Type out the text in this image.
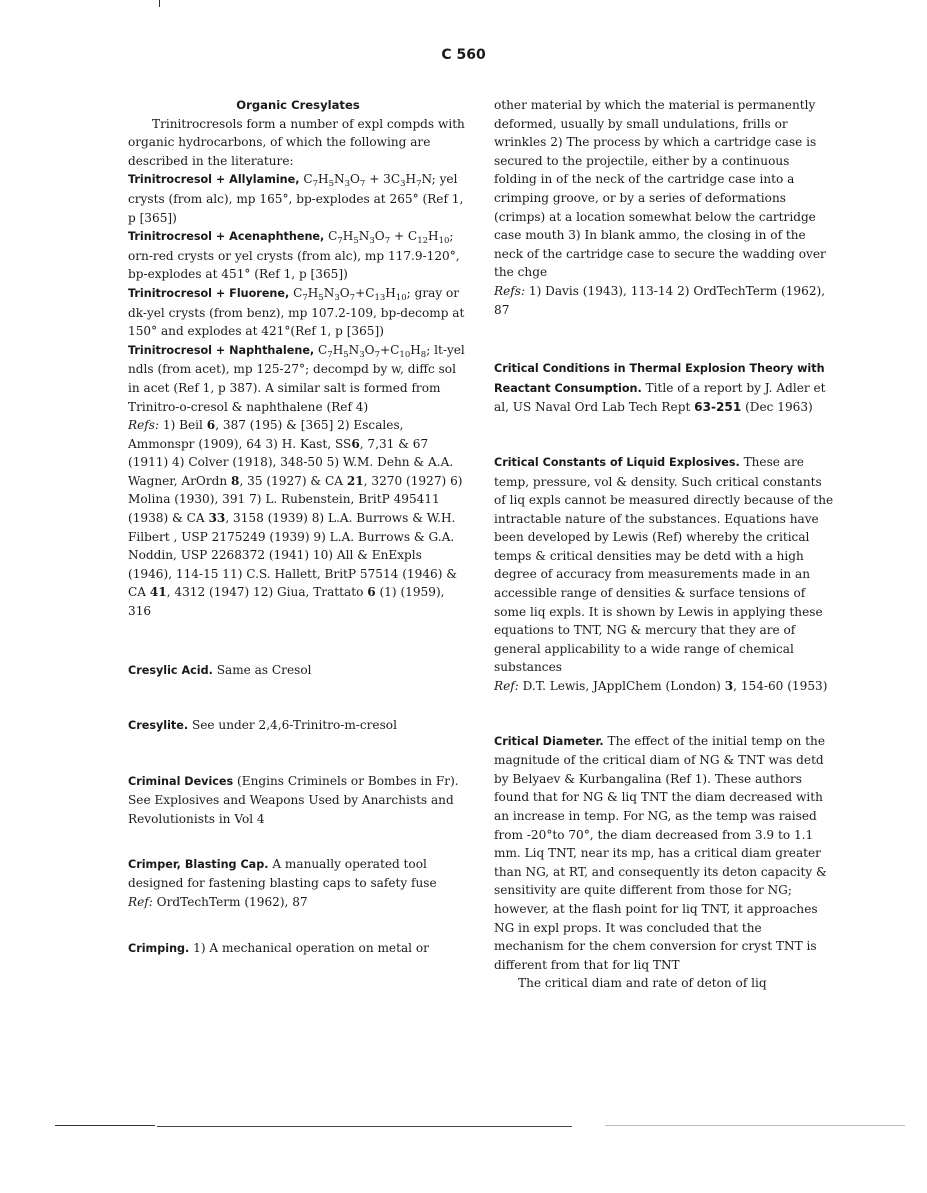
C 560
Organic Cresylates

Trinitrocresols form a number of expl compds with organic hydrocarbons, of which the following are described in the literature:

Trinitrocresol + Allylamine, $C_7H_5N_3O_7 + 3C_3H_7N$; yel crysts (from alc), mp 165°, bp-explodes at 265° (Ref 1, p [365])

Trinitrocresol + Acenaphthene, $C_7H_5N_3O_7 + C_{12}H_{10}$; orn-red crysts or yel crysts (from alc), mp 117.9-120°, bp-explodes at 451° (Ref 1, p [365])

Trinitrocresol + Fluorene, $C_7H_5N_3O_7+C_{13}H_{10}$; gray or dk-yel crysts (from benz), mp 107.2-109, bp-decomp at 150° and explodes at 421°(Ref 1, p [365])

Trinitrocresol + Naphthalene, $C_7H_5N_3O_7+C_{10}H_8$; lt-yel ndls (from acet), mp 125-27°; decompd by w, diffc sol in acet (Ref 1, p 387). A similar salt is formed from Trinitro-o-cresol & naphthalene (Ref 4)

Refs: 1) Beil 6, 387 (195) & [365] 2) Escales, Ammonspr (1909), 64 3) H. Kast, SS6, 7,31 & 67 (1911) 4) Colver (1918), 348-50 5) W.M. Dehn & A.A. Wagner, ArOrdn 8, 35 (1927) & CA 21, 3270 (1927) 6) Molina (1930), 391 7) L. Rubenstein, BritP 495411 (1938) & CA 33, 3158 (1939) 8) L.A. Burrows & W.H. Filbert , USP 2175249 (1939) 9) L.A. Burrows & G.A. Noddin, USP 2268372 (1941) 10) All & EnExpls (1946), 114-15 11) C.S. Hallett, BritP 57514 (1946) & CA 41, 4312 (1947) 12) Giua, Trattato 6 (1) (1959), 316

Cresylic Acid. Same as Cresol

Cresylite. See under 2,4,6-Trinitro-m-cresol

Criminal Devices (Engins Criminels or Bombes in Fr). See Explosives and Weapons Used by Anarchists and Revolutionists in Vol 4

Crimper, Blasting Cap. A manually operated tool designed for fastening blasting caps to safety fuse

Ref: OrdTechTerm (1962), 87

Crimping. 1) A mechanical operation on metal or

other material by which the material is permanently deformed, usually by small undulations, frills or wrinkles 2) The process by which a cartridge case is secured to the projectile, either by a continuous folding in of the neck of the cartridge case into a crimping groove, or by a series of deformations (crimps) at a location somewhat below the cartridge case mouth 3) In blank ammo, the closing in of the neck of the cartridge case to secure the wadding over the chge

Refs: 1) Davis (1943), 113-14 2) OrdTechTerm (1962), 87

Critical Conditions in Thermal Explosion Theory with Reactant Consumption. Title of a report by J. Adler et al, US Naval Ord Lab Tech Rept 63-251 (Dec 1963)

Critical Constants of Liquid Explosives. These are temp, pressure, vol & density. Such critical constants of liq expls cannot be measured directly because of the intractable nature of the substances. Equations have been developed by Lewis (Ref) whereby the critical temps & critical densities may be detd with a high degree of accuracy from measurements made in an accessible range of densities & surface tensions of some liq expls. It is shown by Lewis in applying these equations to TNT, NG & mercury that they are of general applicability to a wide range of chemical substances

Ref: D.T. Lewis, JApplChem (London) 3, 154-60 (1953)

Critical Diameter. The effect of the initial temp on the magnitude of the critical diam of NG & TNT was detd by Belyaev & Kurbangalina (Ref 1). These authors found that for NG & liq TNT the diam decreased with an increase in temp. For NG, as the temp was raised from -20°to 70°, the diam decreased from 3.9 to 1.1 mm. Liq TNT, near its mp, has a critical diam greater than NG, at RT, and consequently its deton capacity & sensitivity are quite different from those for NG; however, at the flash point for liq TNT, it approaches NG in expl props. It was concluded that the mechanism for the chem conversion for cryst TNT is different from that for liq TNT

The critical diam and rate of deton of liq
